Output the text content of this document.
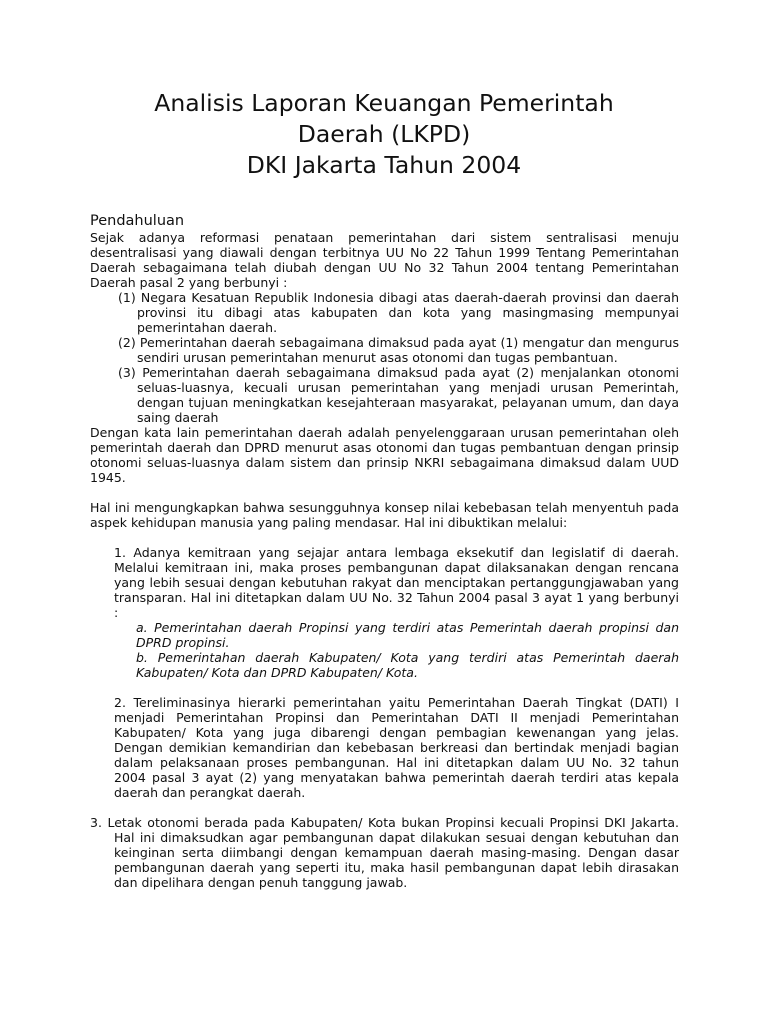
Analisis Laporan Keuangan Pemerintah
Daerah (LKPD)
DKI Jakarta Tahun 2004
Pendahuluan

Sejak adanya reformasi penataan pemerintahan dari sistem sentralisasi menuju desentralisasi yang diawali dengan terbitnya UU No 22 Tahun 1999 Tentang Pemerintahan Daerah sebagaimana telah diubah dengan UU No 32 Tahun 2004 tentang Pemerintahan Daerah pasal 2 yang berbunyi :

(1) Negara Kesatuan Republik Indonesia dibagi atas daerah-daerah provinsi dan daerah provinsi itu dibagi atas kabupaten dan kota yang masingmasing mempunyai pemerintahan daerah.
(2) Pemerintahan daerah sebagaimana dimaksud pada ayat (1) mengatur dan mengurus sendiri urusan pemerintahan menurut asas otonomi dan tugas pembantuan.
(3) Pemerintahan daerah sebagaimana dimaksud pada ayat (2) menjalankan otonomi seluas-luasnya, kecuali urusan pemerintahan yang menjadi urusan Pemerintah, dengan tujuan meningkatkan kesejahteraan masyarakat, pelayanan umum, dan daya saing daerah

Dengan kata lain pemerintahan daerah adalah penyelenggaraan urusan pemerintahan oleh pemerintah daerah dan DPRD menurut asas otonomi dan tugas pembantuan dengan prinsip otonomi seluas-luasnya dalam sistem dan prinsip NKRI sebagaimana dimaksud dalam UUD 1945.

Hal ini mengungkapkan bahwa sesungguhnya konsep nilai kebebasan telah menyentuh pada aspek kehidupan manusia yang paling mendasar. Hal ini dibuktikan melalui:

1. Adanya kemitraan yang sejajar antara lembaga eksekutif dan legislatif di daerah. Melalui kemitraan ini, maka proses pembangunan dapat dilaksanakan dengan rencana yang lebih sesuai dengan kebutuhan rakyat dan menciptakan pertanggungjawaban yang transparan. Hal ini ditetapkan dalam UU No. 32 Tahun 2004 pasal 3 ayat 1 yang berbunyi :

a. Pemerintahan daerah Propinsi yang terdiri atas Pemerintah daerah propinsi dan DPRD propinsi.

b. Pemerintahan daerah Kabupaten/ Kota yang terdiri atas Pemerintah daerah Kabupaten/ Kota dan DPRD Kabupaten/ Kota.

2. Tereliminasinya hierarki pemerintahan yaitu Pemerintahan Daerah Tingkat (DATI) I menjadi Pemerintahan Propinsi dan Pemerintahan DATI II menjadi Pemerintahan Kabupaten/ Kota yang juga dibarengi dengan pembagian kewenangan yang jelas. Dengan demikian kemandirian dan kebebasan berkreasi dan bertindak menjadi bagian dalam pelaksanaan proses pembangunan. Hal ini ditetapkan dalam UU No. 32 tahun 2004 pasal 3 ayat (2) yang menyatakan bahwa pemerintah daerah terdiri atas kepala daerah dan perangkat daerah.

3. Letak otonomi berada pada Kabupaten/ Kota bukan Propinsi kecuali Propinsi DKI Jakarta. Hal ini dimaksudkan agar pembangunan dapat dilakukan sesuai dengan kebutuhan dan keinginan serta diimbangi dengan kemampuan daerah masing-masing. Dengan dasar pembangunan daerah yang seperti itu, maka hasil pembangunan dapat lebih dirasakan dan dipelihara dengan penuh tanggung jawab.
